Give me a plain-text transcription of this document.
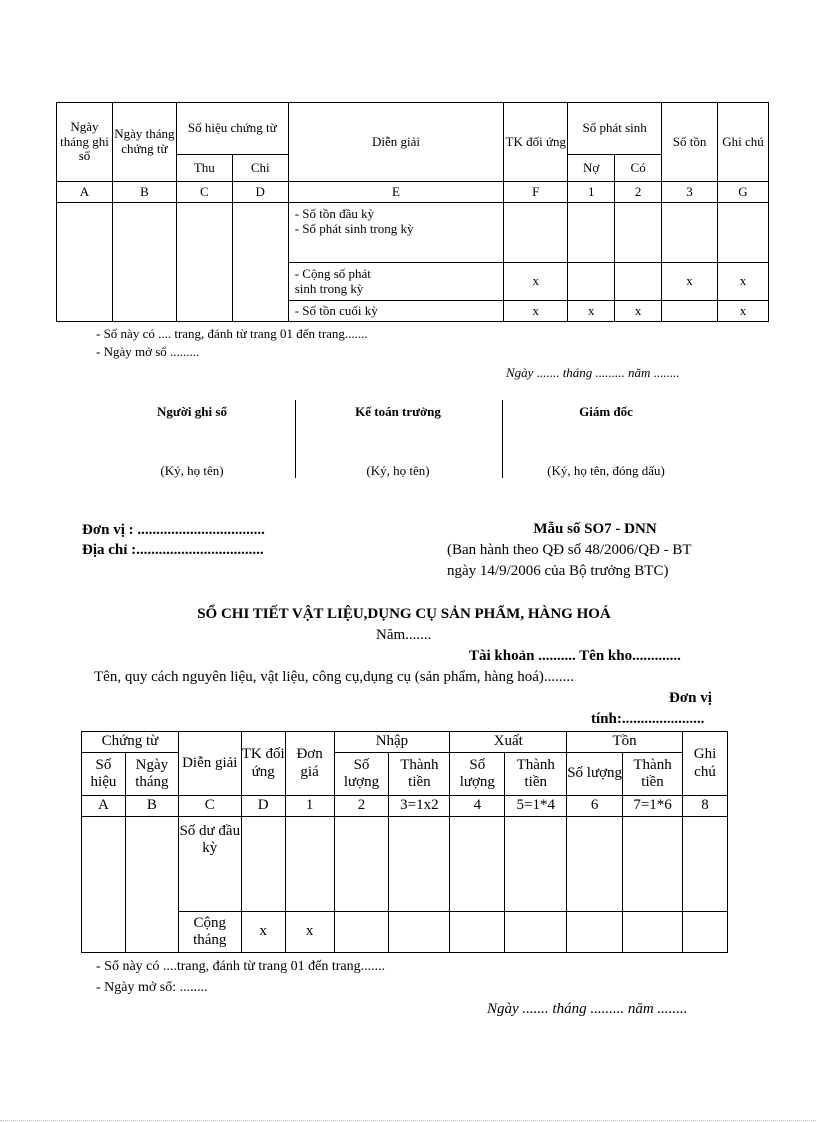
Ngày tháng ghi sổ	Ngày tháng chứng từ	Số hiệu chứng từ		Diễn giải	TK đối ứng	Số phát sinh		Số tồn	Ghi chú
		Thu	Chi			Nợ	Có		
A	B	C	D	E	F	1	2	3	G

				- Số tồn đầu kỳ
- Số phát sinh trong kỳ					

				- Cộng số phát
sinh trong kỳ	x			x	x
				- Số tồn cuối kỳ	x	x	x		x
- Sổ này có .... trang, đánh từ trang 01 đến trang.......
- Ngày mở sổ .........
Ngày ....... tháng ......... năm ........
Người ghi sổ
(Ký, họ tên)
Kế toán trưởng
(Ký, họ tên)
Giám đốc
(Ký, họ tên, đóng dấu)
Đơn vị : ..................................
Địa chỉ :..................................
Mẫu số SO7 - DNN
(Ban hành theo QĐ số 48/2006/QĐ - BT
ngày 14/9/2006 của Bộ trưởng BTC)
SỔ CHI TIẾT VẬT LIỆU,DỤNG CỤ SẢN PHẨM, HÀNG HOÁ
Năm.......
Tài khoản .......... Tên kho.............
Tên, quy cách nguyên liệu, vật liệu, công cụ,dụng cụ (sản phẩm, hàng hoá)........
Đơn vị
tính:......................
Chứng từ		Diễn giải	TK đối ứng	Đơn giá	Nhập		Xuất		Tồn		Ghi chú
Số hiệu	Ngày tháng				Số lượng	Thành tiền	Số lượng	Thành tiền	Số lượng	Thành tiền	
A	B	C	D	1	2	3=1x2	4	5=1*4	6	7=1*6	8
		Số dư đầu kỳ									
		Cộng tháng	x	x							
- Sổ này có ....trang, đánh từ trang 01 đến trang.......
- Ngày mở sổ: ........
Ngày ....... tháng ......... năm ........
